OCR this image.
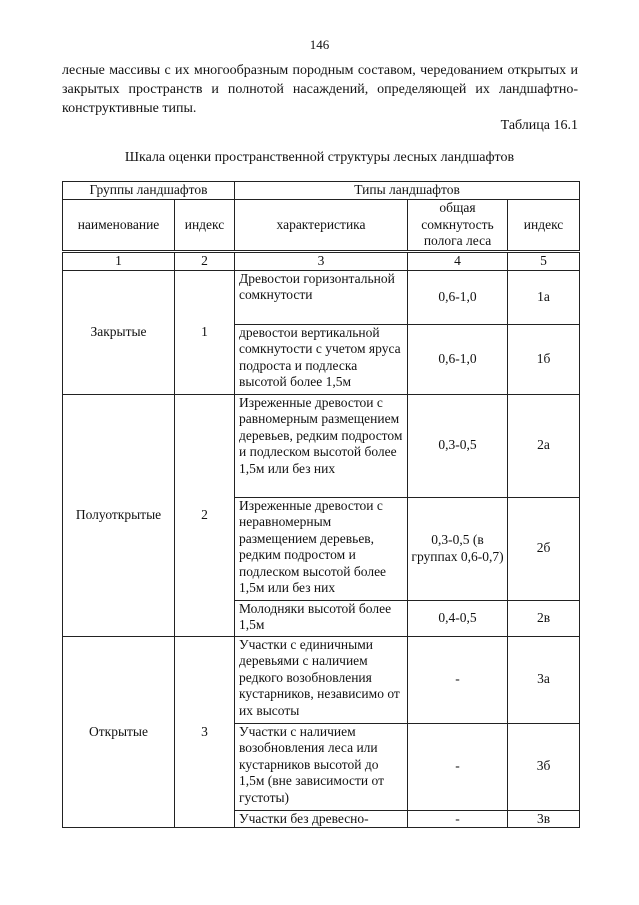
146
лесные массивы с их многообразным породным составом, чередованием открытых и закрытых пространств и полнотой насаждений, определяющей их ландшафтно-конструктивные типы.
Таблица 16.1
Шкала оценки пространственной структуры лесных ландшафтов
Группы ландшафтов		Типы ландшафтов		
наименование	индекс	характеристика	общая сомкнутость полога леса	индекс
1	2	3	4	5
Закрытые	1	Древостои горизонтальной сомкнутости	0,6-1,0	1а
		древостои вертикальной сомкнутости с учетом яруса подроста и подлеска высотой более 1,5м	0,6-1,0	1б
Полуоткрытые	2	Изреженные древостои с равномерным размещением деревьев, редким подростом и подлеском высотой более 1,5м или без них	0,3-0,5	2а
		Изреженные древостои с неравномерным размещением деревьев, редким подростом и подлеском высотой более 1,5м или без них	0,3-0,5 (в группах 0,6-0,7)	2б
		Молодняки высотой более 1,5м	0,4-0,5	2в
Открытые	3	Участки с единичными деревьями с наличием редкого возобновления кустарников, независимо от их высоты	-	3а
		Участки с наличием возобновления леса или кустарников высотой до 1,5м (вне зависимости от густоты)	-	3б
		Участки без древесно-	-	3в
